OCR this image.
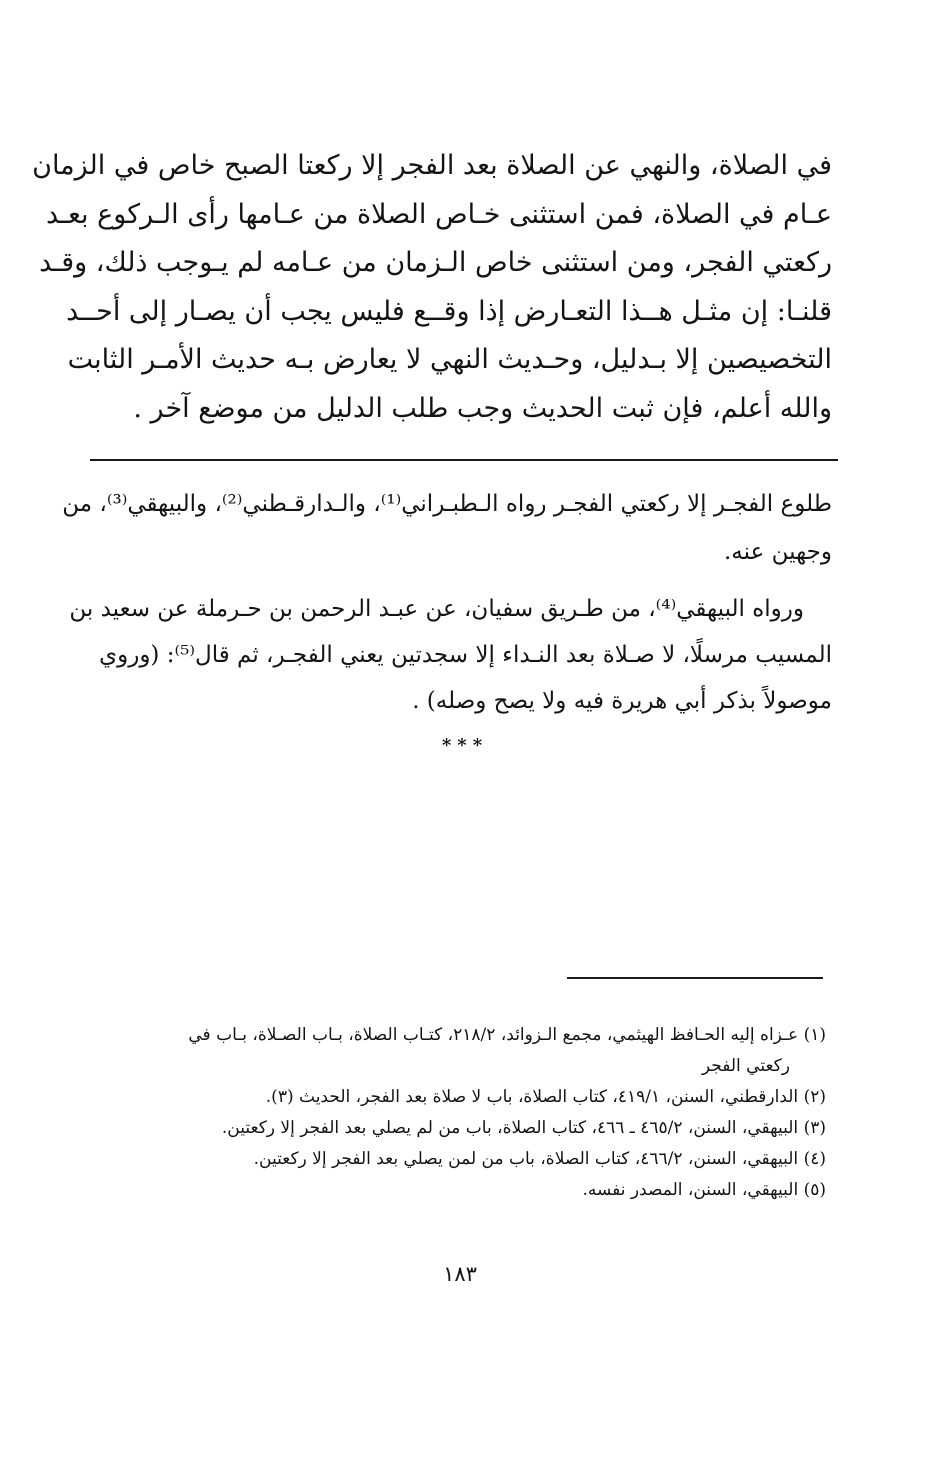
في الصلاة، والنهي عن الصلاة بعد الفجر إلا ركعتا الصبح خاص في الزمان
عـام في الصلاة، فمن استثنى خـاص الصلاة من عـامها رأى الـركوع بعـد
ركعتي الفجر، ومن استثنى خاص الـزمان من عـامه لم يـوجب ذلك، وقـد
قلنـا: إن مثـل هــذا التعـارض إذا وقــع فليس يجب أن يصـار إلى أحــد
التخصيصين إلا بـدليل، وحـديث النهي لا يعارض بـه حديث الأمـر الثابت
والله أعلم، فإن ثبت الحديث وجب طلب الدليل من موضع آخر .
طلوع الفجـر إلا ركعتي الفجـر رواه الـطبـراني⁽¹⁾، والـدارقـطني⁽²⁾، والبيهقي⁽³⁾، من
وجهين عنه.
ورواه البيهقي⁽⁴⁾، من طـريق سفيان، عن عبـد الرحمن بن حـرملة عن سعيد بن
المسيب مرسلًا، لا صـلاة بعد النـداء إلا سجدتين يعني الفجـر، ثم قال⁽⁵⁾: (وروي
موصولاً بذكر أبي هريرة فيه ولا يصح وصله) .
***
(١) عـزاه إليه الحـافظ الهيثمي، مجمع الـزوائد، ٢١٨/٢، كتـاب الصلاة، بـاب الصـلاة، بـاب في
ركعتي الفجر
(٢) الدارقطني، السنن، ٤١٩/١، كتاب الصلاة، باب لا صلاة بعد الفجر، الحديث (٣).
(٣) البيهقي، السنن، ٤٦٥/٢ ـ ٤٦٦، كتاب الصلاة، باب من لم يصلي بعد الفجر إلا ركعتين.
(٤) البيهقي، السنن، ٤٦٦/٢، كتاب الصلاة، باب من لمن يصلي بعد الفجر إلا ركعتين.
(٥) البيهقي، السنن، المصدر نفسه.
١٨٣
